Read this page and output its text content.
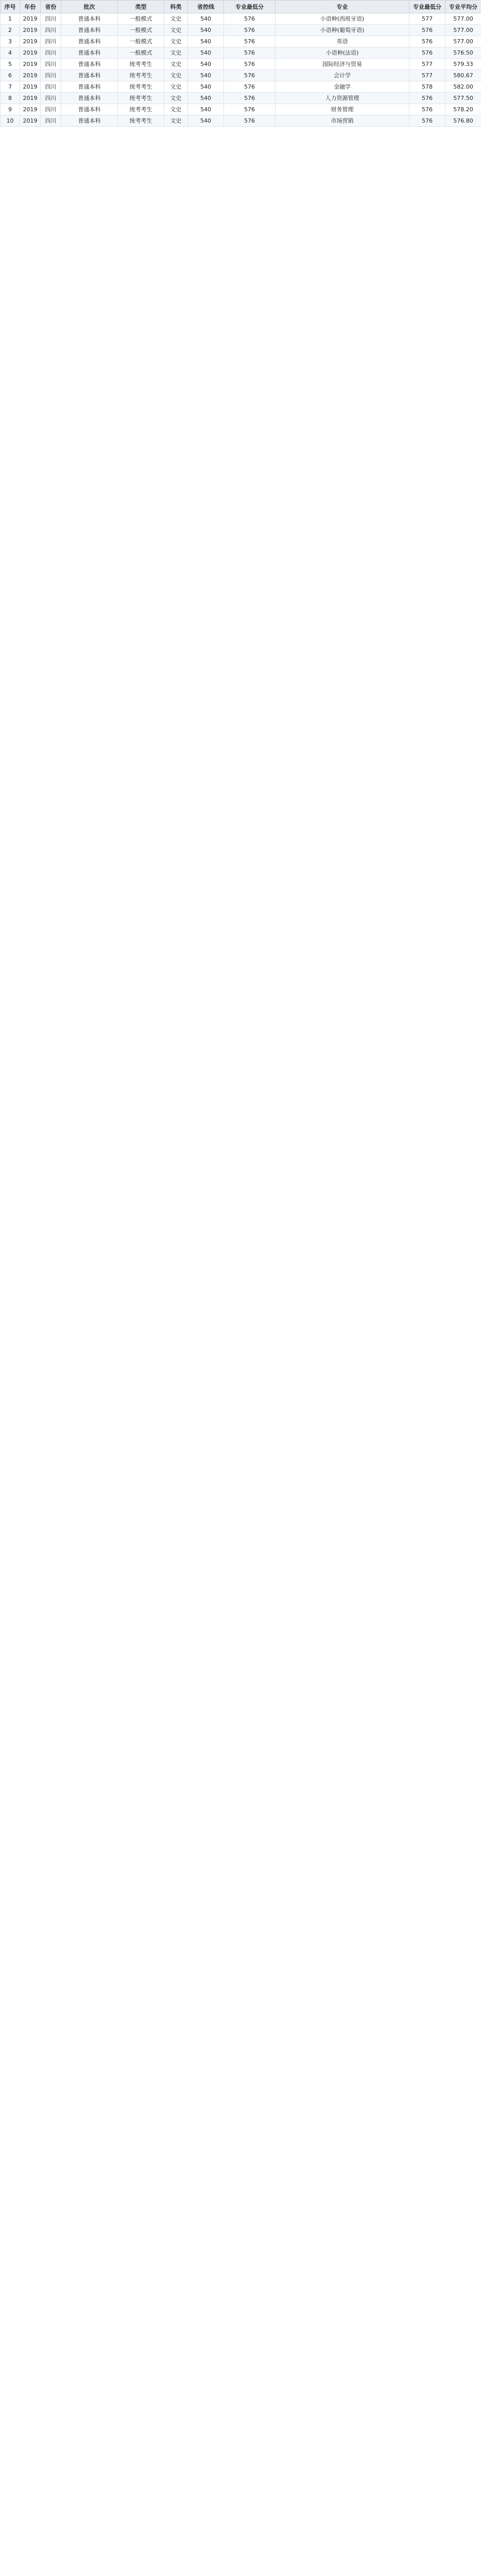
序号	年份	省份	批次	类型	科类	省控线	专业最低分	专业	专业最低分	专业平均分
1	2019	四川	普通本科	一般模式	文史	540	576	小语种(西班牙语)	577	577.00
2	2019	四川	普通本科	一般模式	文史	540	576	小语种(葡萄牙语)	576	577.00
3	2019	四川	普通本科	一般模式	文史	540	576	英语	576	577.00
4	2019	四川	普通本科	一般模式	文史	540	576	小语种(法语)	576	576.50
5	2019	四川	普通本科	统考考生	文史	540	576	国际经济与贸易	577	579.33
6	2019	四川	普通本科	统考考生	文史	540	576	会计学	577	580.67
7	2019	四川	普通本科	统考考生	文史	540	576	金融学	578	582.00
8	2019	四川	普通本科	统考考生	文史	540	576	人力资源管理	576	577.50
9	2019	四川	普通本科	统考考生	文史	540	576	财务管理	576	578.20
10	2019	四川	普通本科	统考考生	文史	540	576	市场营销	576	576.80
